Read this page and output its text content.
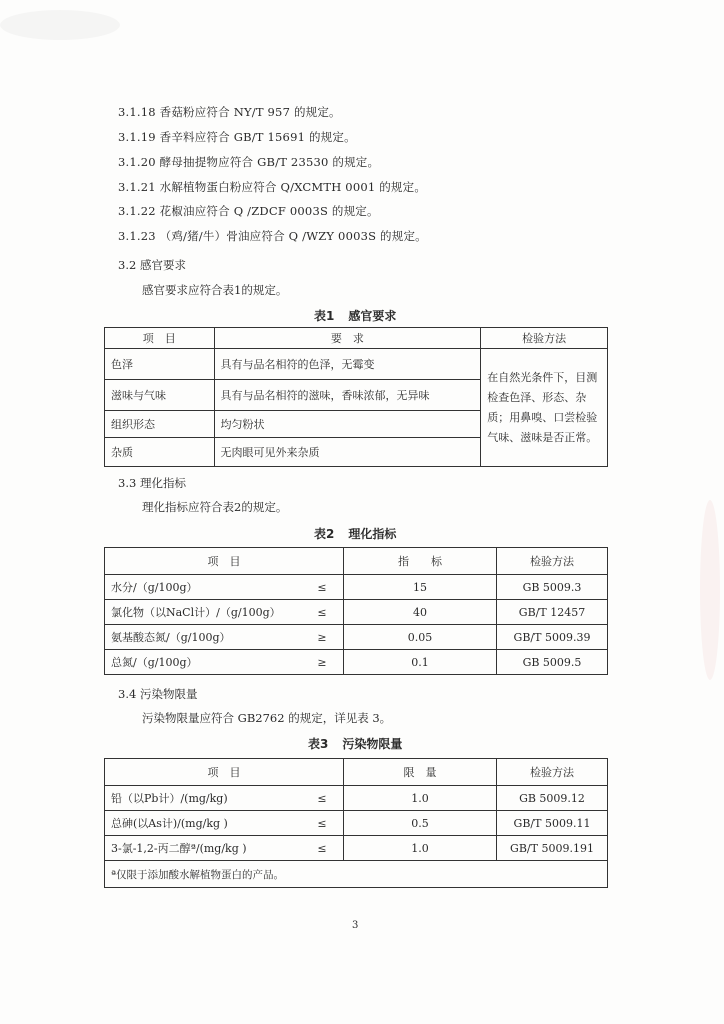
3.1.18 香菇粉应符合 NY/T 957 的规定。
3.1.19 香辛料应符合 GB/T 15691 的规定。
3.1.20 酵母抽提物应符合 GB/T 23530 的规定。
3.1.21 水解植物蛋白粉应符合 Q/XCMTH 0001 的规定。
3.1.22 花椒油应符合 Q /ZDCF 0003S 的规定。
3.1.23 （鸡/猪/牛）骨油应符合 Q /WZY 0003S 的规定。
3.2 感官要求
感官要求应符合表1的规定。
表1 感官要求
项　目	要　求	检验方法
色泽	具有与品名相符的色泽，无霉变	在自然光条件下，目测检查色泽、形态、杂质；用鼻嗅、口尝检验气味、滋味是否正常。
滋味与气味	具有与品名相符的滋味，香味浓郁，无异味	
组织形态	均匀粉状	
杂质	无肉眼可见外来杂质	
3.3 理化指标
理化指标应符合表2的规定。
表2 理化指标
项　目		指　　标	检验方法
水分/（g/100g）	≤	15	GB 5009.3
氯化物（以NaCl计）/（g/100g）	≤	40	GB/T 12457
氨基酸态氮/（g/100g）	≥	0.05	GB/T 5009.39
总氮/（g/100g）	≥	0.1	GB 5009.5
3.4 污染物限量
污染物限量应符合 GB2762 的规定，详见表 3。
表3 污染物限量
项　目		限　量	检验方法
铅（以Pb计）/(mg/kg)	≤	1.0	GB 5009.12
总砷(以As计)/(mg/kg )	≤	0.5	GB/T 5009.11
3-氯-1,2-丙二醇ª/(mg/kg )	≤	1.0	GB/T 5009.191
ª仅限于添加酸水解植物蛋白的产品。			
3
